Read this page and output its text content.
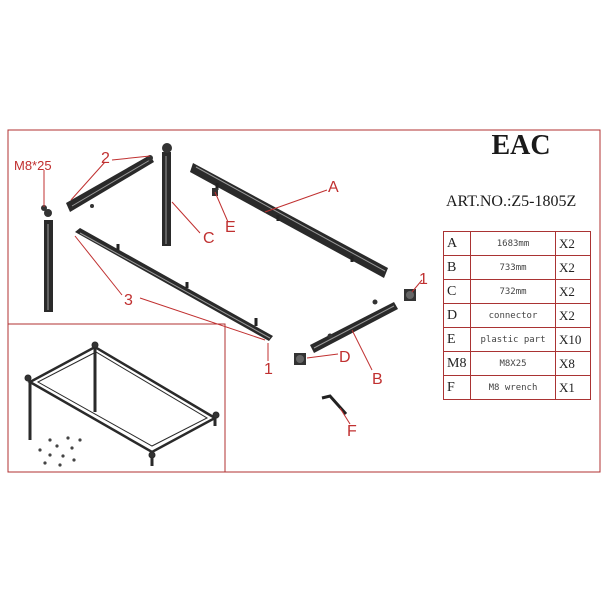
M8*25	2
A
C
E
3
1
D
B
1
F
EAC
ART.NO.:Z5-1805Z
A	1683mm	X2
B	733mm	X2
C	732mm	X2
D	connector	X2
E	plastic part	X10
M8	M8X25	X8
F	M8 wrench	X1
